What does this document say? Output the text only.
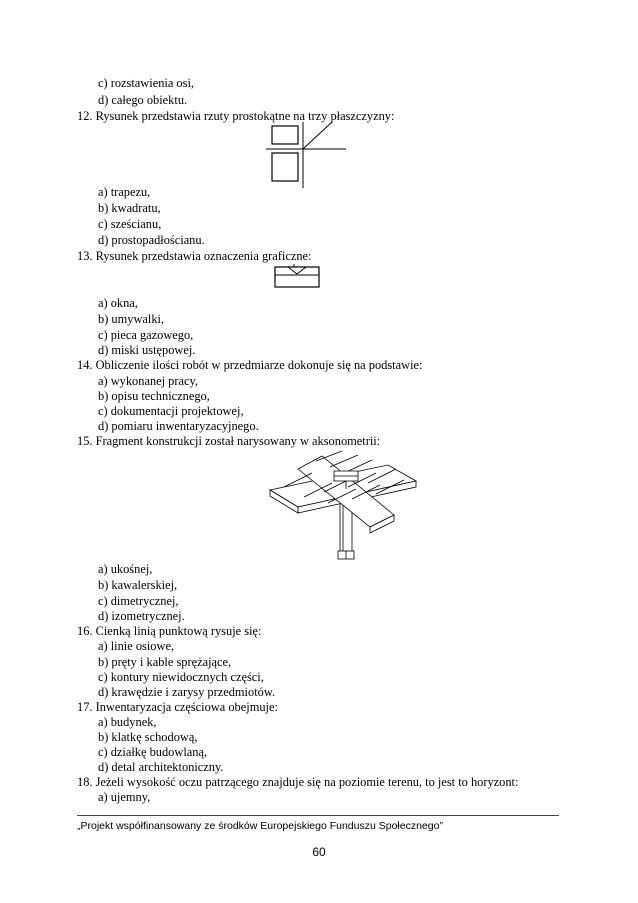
c) rozstawienia osi,
d) całego obiektu.
12. Rysunek przedstawia rzuty prostokątne na trzy płaszczyzny:
a) trapezu,
b) kwadratu,
c) sześcianu,
d) prostopadłościanu.
13. Rysunek przedstawia oznaczenia graficzne:
a) okna,
b) umywalki,
c) pieca gazowego,
d) miski ustępowej.
14. Obliczenie ilości robót w przedmiarze dokonuje się na podstawie:
a) wykonanej pracy,
b) opisu technicznego,
c) dokumentacji projektowej,
d) pomiaru inwentaryzacyjnego.
15. Fragment konstrukcji został narysowany w aksonometrii:
a) ukośnej,
b) kawalerskiej,
c) dimetrycznej,
d) izometrycznej.
16. Cienką linią punktową rysuje się:
a) linie osiowe,
b) pręty i kable sprężające,
c) kontury niewidocznych części,
d) krawędzie i zarysy przedmiotów.
17. Inwentaryzacja częściowa obejmuje:
a) budynek,
b) klatkę schodową,
c) działkę budowlaną,
d) detal architektoniczny.
18. Jeżeli wysokość oczu patrzącego znajduje się na poziomie terenu, to jest to horyzont:
a) ujemny,
„Projekt współfinansowany ze środków Europejskiego Funduszu Społecznego”
60
